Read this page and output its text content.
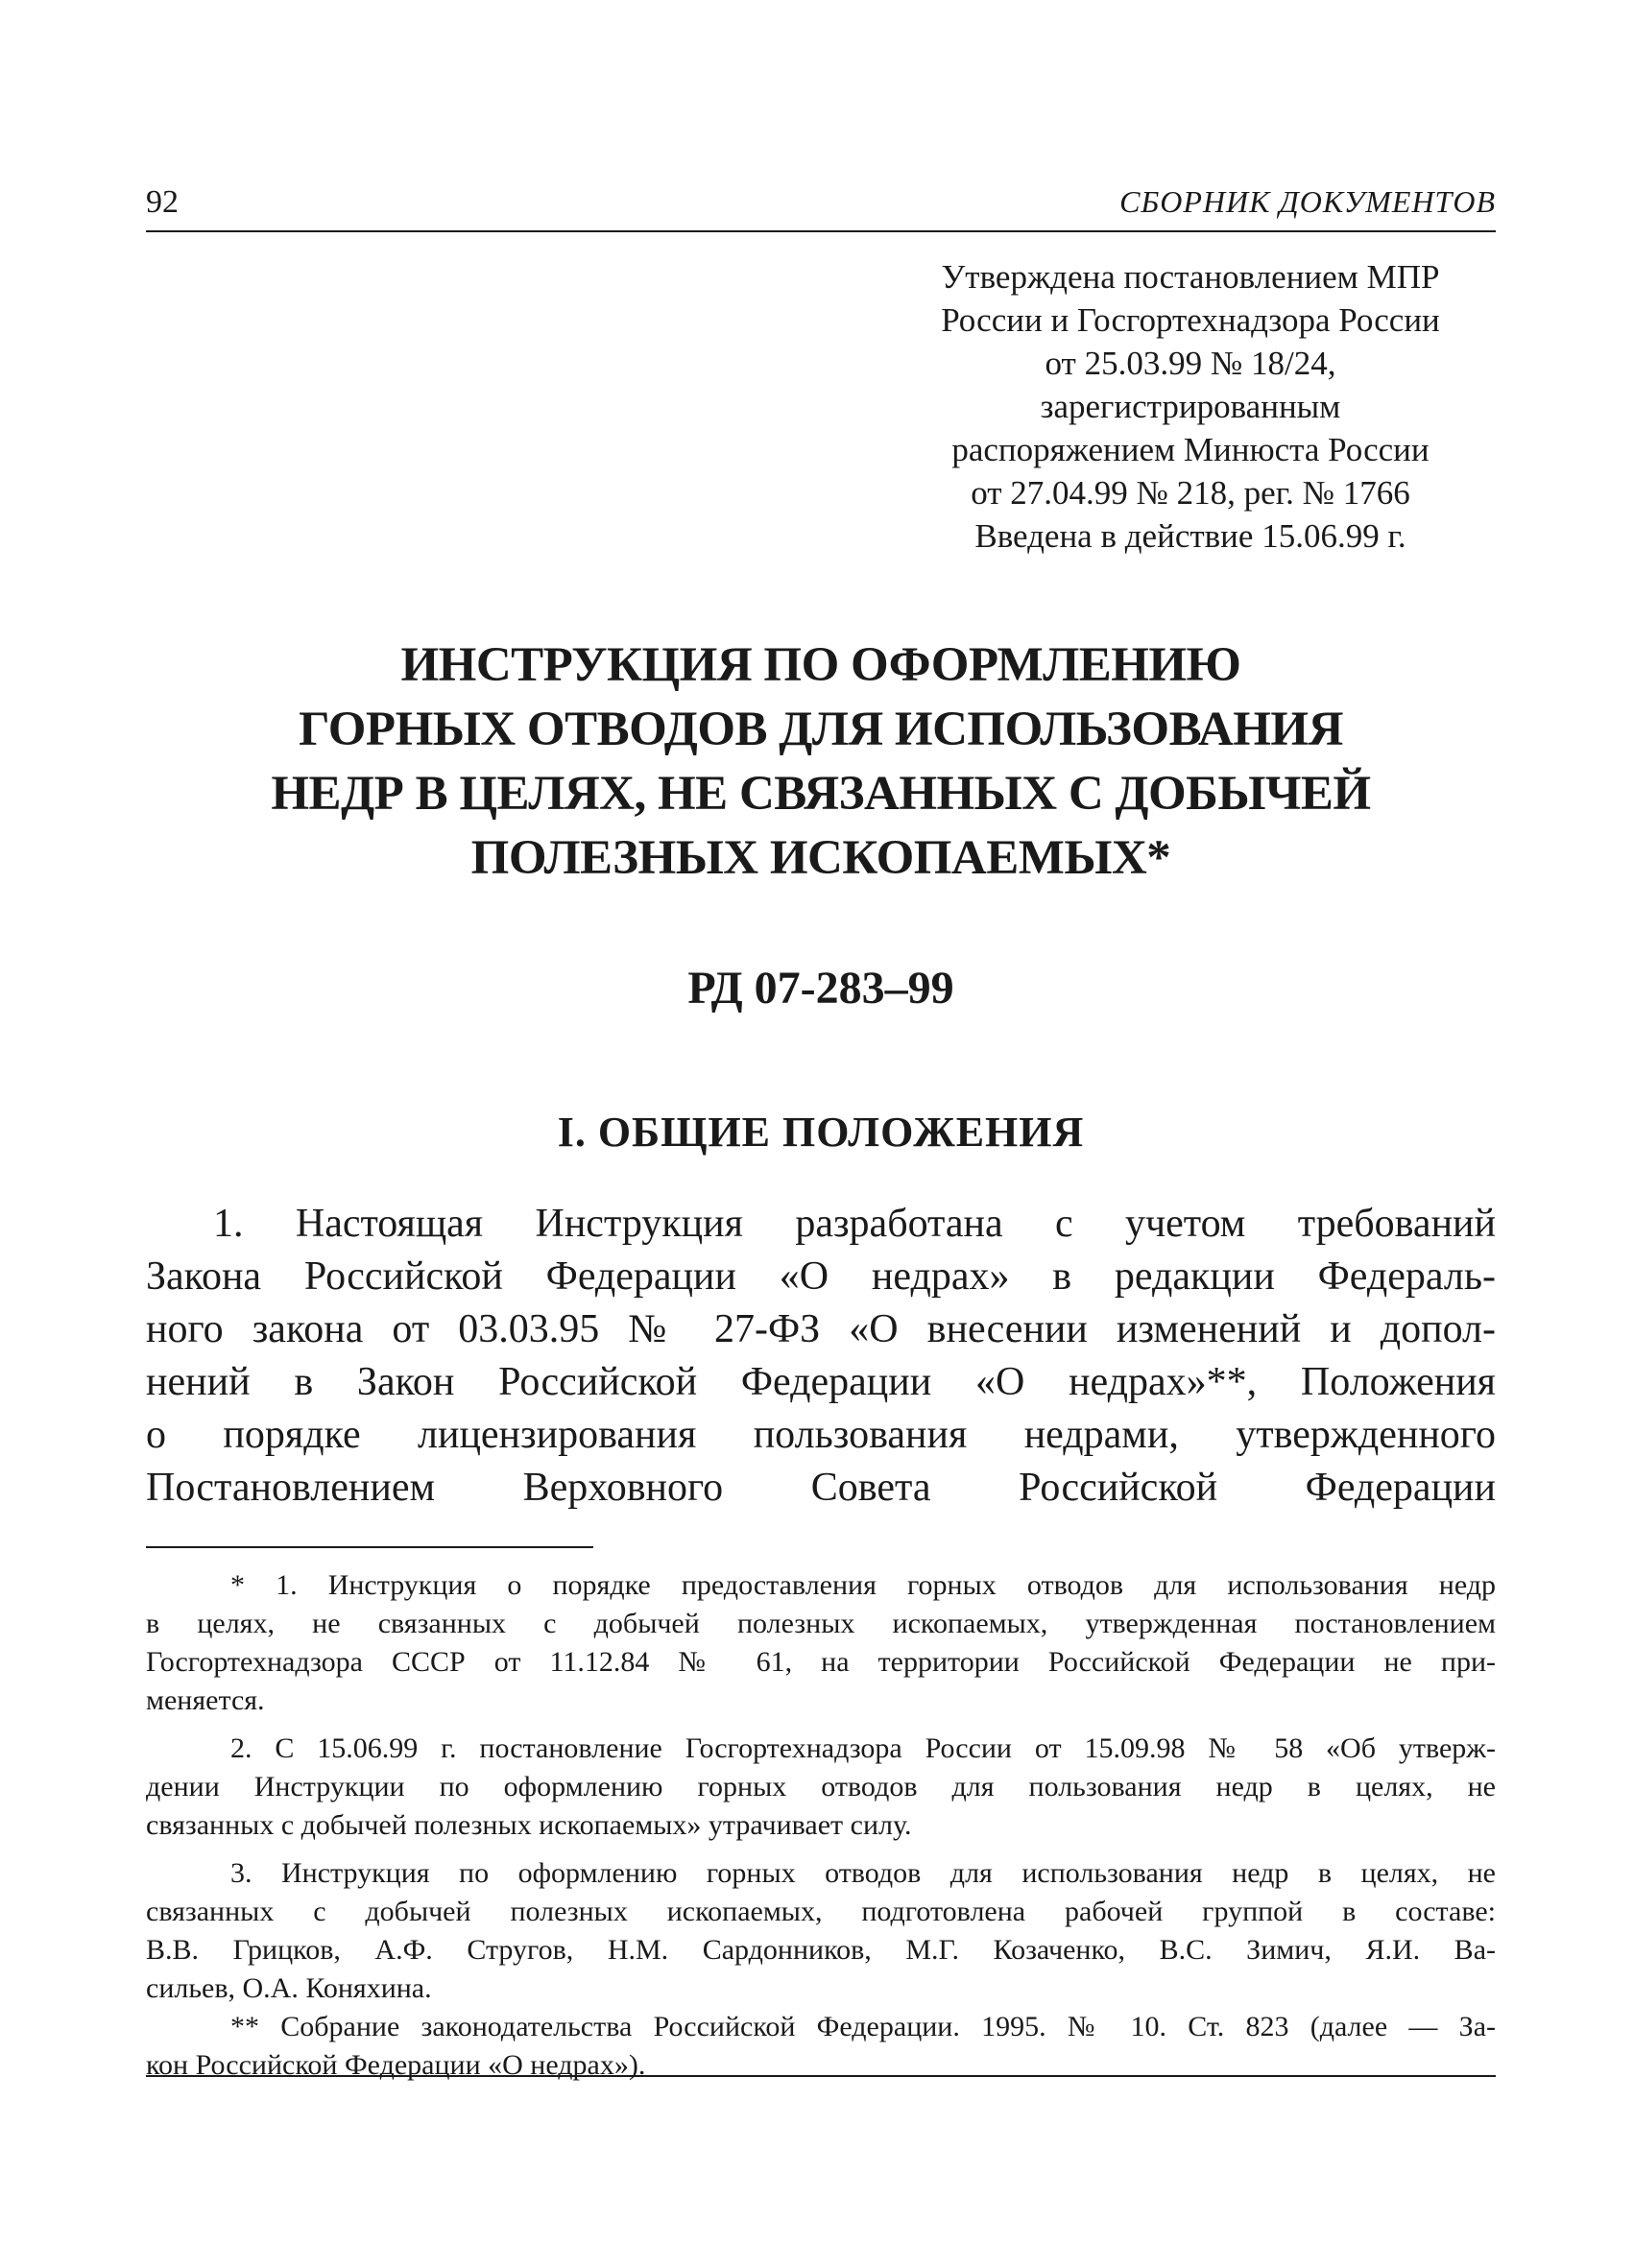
92	СБОРНИК ДОКУМЕНТОВ
Утверждена постановлением МПР
России и Госгортехнадзора России
от 25.03.99 № 18/24,
зарегистрированным
распоряжением Минюста России
от 27.04.99 № 218, рег. № 1766
Введена в действие 15.06.99 г.
ИНСТРУКЦИЯ ПО ОФОРМЛЕНИЮ
ГОРНЫХ ОТВОДОВ ДЛЯ ИСПОЛЬЗОВАНИЯ
НЕДР В ЦЕЛЯХ, НЕ СВЯЗАННЫХ С ДОБЫЧЕЙ
ПОЛЕЗНЫХ ИСКОПАЕМЫХ*
РД 07-283–99
I. ОБЩИЕ ПОЛОЖЕНИЯ
1. Настоящая Инструкция разработана с учетом требований
Закона Российской Федерации «О недрах» в редакции Федераль-
ного закона от 03.03.95 № 27-ФЗ «О внесении изменений и допол-
нений в Закон Российской Федерации «О недрах»**, Положения
о порядке лицензирования пользования недрами, утвержденного
Постановлением Верховного Совета Российской Федерации
* 1. Инструкция о порядке предоставления горных отводов для использования недр
в целях, не связанных с добычей полезных ископаемых, утвержденная постановлением
Госгортехнадзора СССР от 11.12.84 № 61, на территории Российской Федерации не при-
меняется.
2. С 15.06.99 г. постановление Госгортехнадзора России от 15.09.98 № 58 «Об утверж-
дении Инструкции по оформлению горных отводов для пользования недр в целях, не
связанных с добычей полезных ископаемых» утрачивает силу.
3. Инструкция по оформлению горных отводов для использования недр в целях, не
связанных с добычей полезных ископаемых, подготовлена рабочей группой в составе:
В.В. Грицков, А.Ф. Стругов, Н.М. Сардонников, М.Г. Козаченко, В.С. Зимич, Я.И. Ва-
сильев, О.А. Коняхина.
** Собрание законодательства Российской Федерации. 1995. № 10. Ст. 823 (далее — За-
кон Российской Федерации «О недрах»).
